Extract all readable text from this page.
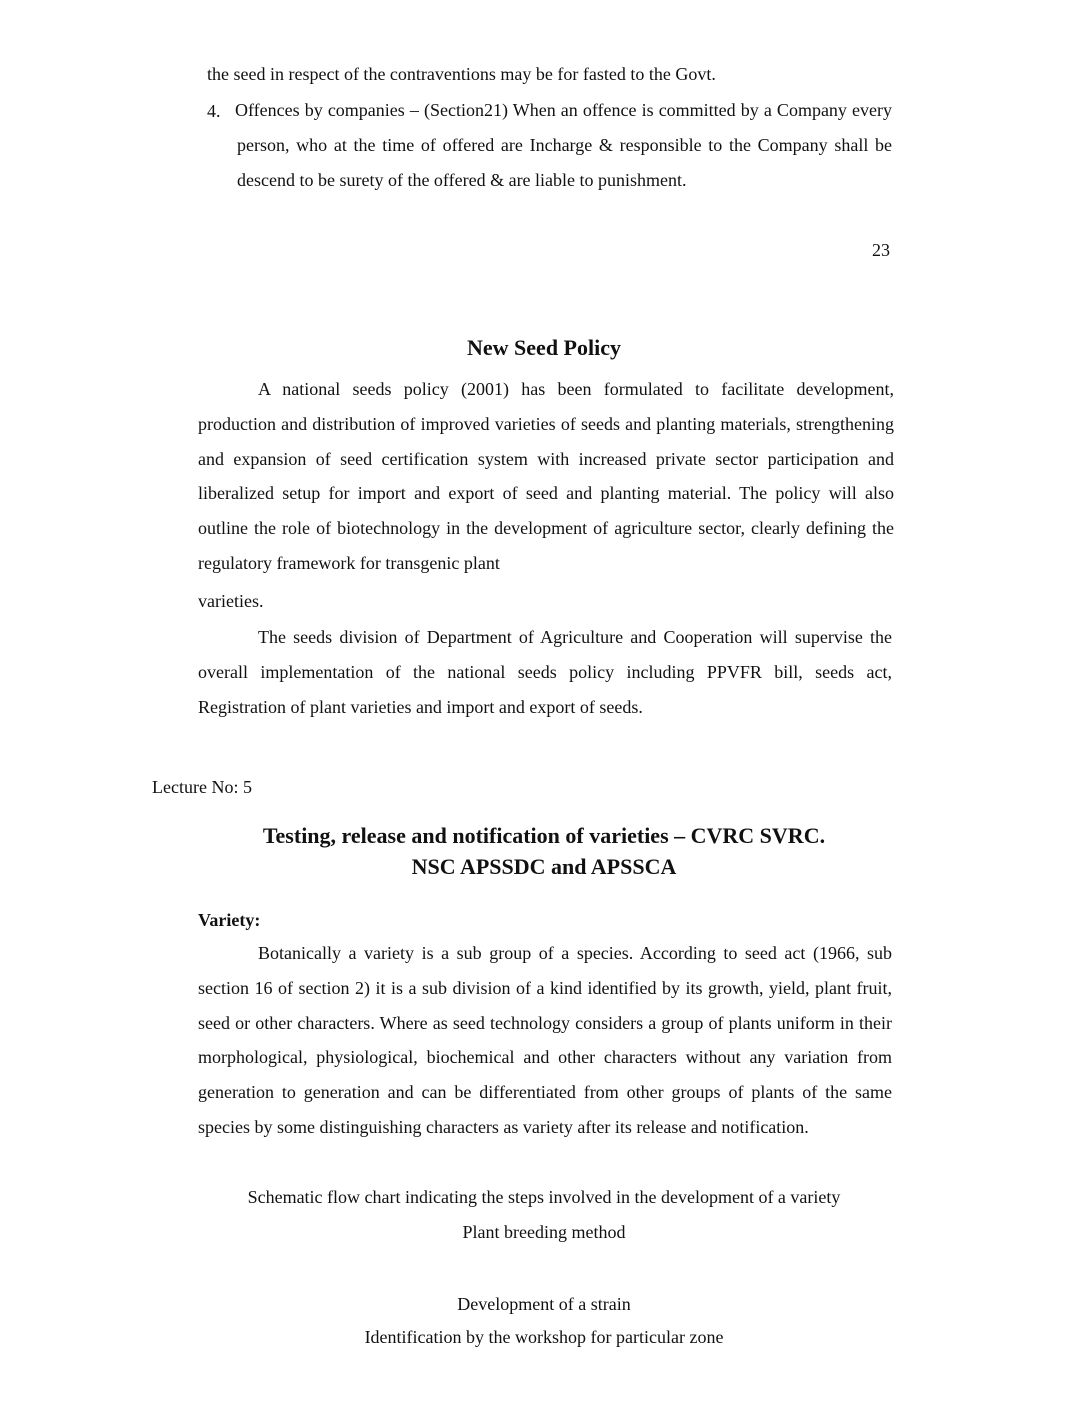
the seed in respect of the contraventions may be for fasted to the Govt.
4. Offences by companies – (Section21) When an offence is committed by a Company every person, who at the time of offered are Incharge & responsible to the Company shall be descend to be surety of the offered & are liable to punishment.

23
New Seed Policy

A national seeds policy (2001) has been formulated to facilitate development, production and distribution of improved varieties of seeds and planting materials, strengthening and expansion of seed certification system with increased private sector participation and liberalized setup for import and export of seed and planting material. The policy will also outline the role of biotechnology in the development of agriculture sector, clearly defining the regulatory framework for transgenic plant

varieties.

The seeds division of Department of Agriculture and Cooperation will supervise the overall implementation of the national seeds policy including PPVFR bill, seeds act, Registration of plant varieties and import and export of seeds.

Lecture No: 5
Testing, release and notification of varieties – CVRC SVRC.
NSC APSSDC and APSSCA
Variety:

Botanically a variety is a sub group of a species. According to seed act (1966, sub section 16 of section 2) it is a sub division of a kind identified by its growth, yield, plant fruit, seed or other characters. Where as seed technology considers a group of plants uniform in their morphological, physiological, biochemical and other characters without any variation from generation to generation and can be differentiated from other groups of plants of the same species by some distinguishing characters as variety after its release and notification.

Schematic flow chart indicating the steps involved in the development of a variety
Plant breeding method
Development of a strain
Identification by the workshop for particular zone
